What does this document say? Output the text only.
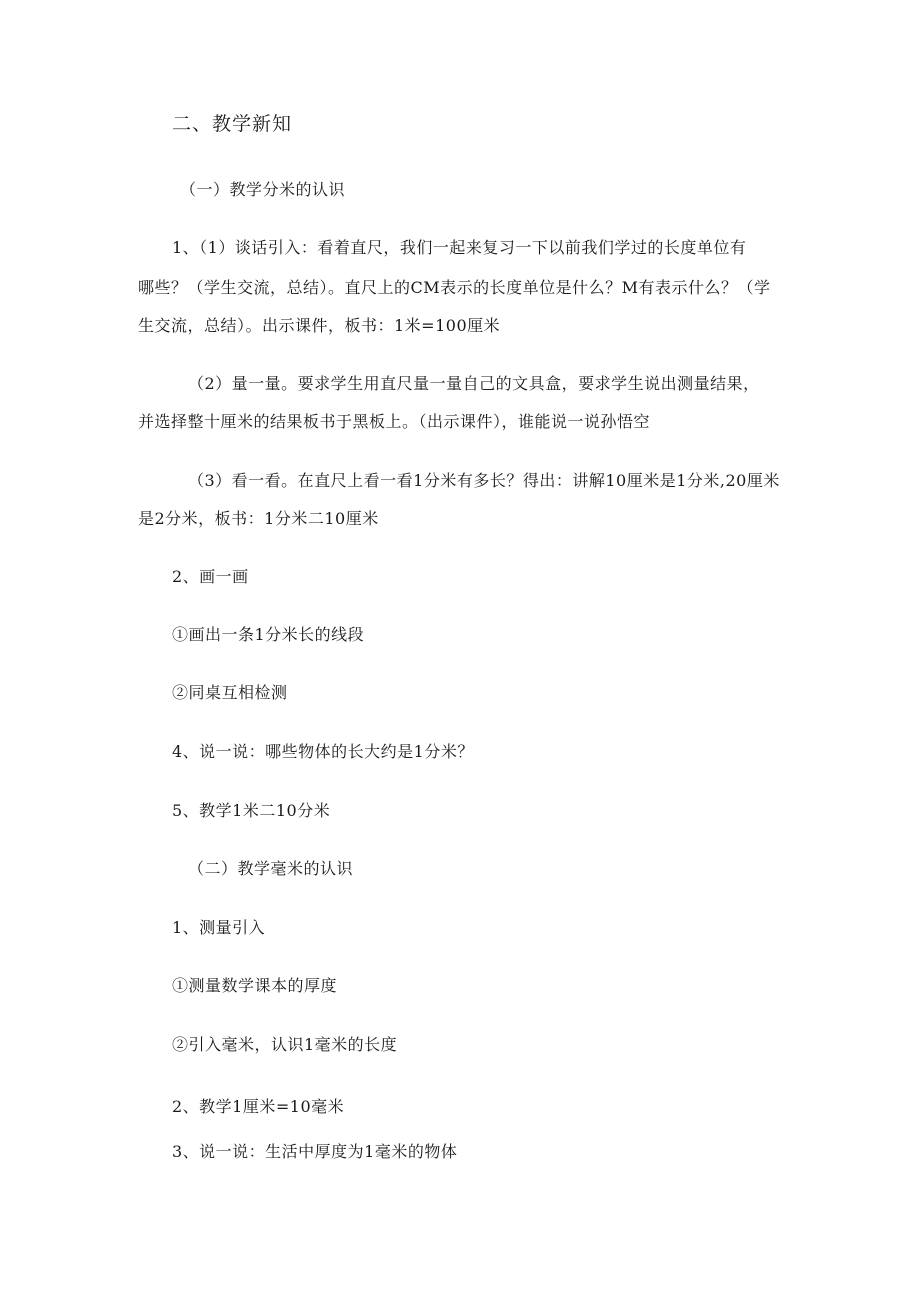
二、教学新知
（一）教学分米的认识
1、（1）谈话引入：看着直尺，我们一起来复习一下以前我们学过的长度单位有
哪些？（学生交流，总结）。直尺上的CM表示的长度单位是什么？M有表示什么？（学
生交流，总结）。出示课件，板书：1米=100厘米
（2）量一量。要求学生用直尺量一量自己的文具盒，要求学生说出测量结果，
并选择整十厘米的结果板书于黑板上。（出示课件），谁能说一说孙悟空
（3）看一看。在直尺上看一看1分米有多长？得出：讲解10厘米是1分米,20厘米
是2分米，板书：1分米二10厘米
2、画一画
①画出一条1分米长的线段
②同桌互相检测
4、说一说：哪些物体的长大约是1分米？
5、教学1米二10分米
（二）教学毫米的认识
1、测量引入
①测量数学课本的厚度
②引入毫米，认识1毫米的长度
2、教学1厘米=10毫米
3、说一说：生活中厚度为1毫米的物体
